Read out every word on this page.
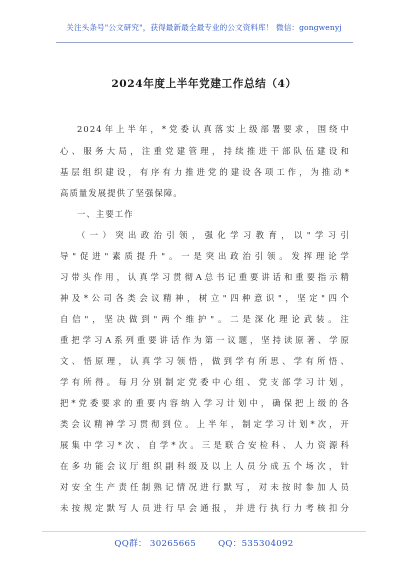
关注头条号"公文研究"，获得最新最全最专业的公文资料库！ 微信：gongwenyj
2024年度上半年党建工作总结（4）
2024年上半年，*党委认真落实上级部署要求，围绕中
心、服务大局，注重党建管理，持续推进干部队伍建设和
基层组织建设，有序有力推进党的建设各项工作，为推动*
高质量发展提供了坚强保障。
一、主要工作
（一）突出政治引领，强化学习教育，以"学习引
导"促进"素质提升"。一是突出政治引领。发挥理论学
习带头作用，认真学习贯彻A总书记重要讲话和重要指示精
神及*公司各类会议精神，树立"四种意识"，坚定"四个
自信"，坚决做到"两个维护"。二是深化理论武装。注
重把学习A系列重要讲话作为第一议题，坚持读原著、学原
文、悟原理，认真学习领悟，做到学有所思、学有所悟、
学有所得。每月分别制定党委中心组、党支部学习计划，
把*党委要求的重要内容纳入学习计划中，确保把上级的各
类会议精神学习贯彻到位。上半年，制定学习计划*次，开
展集中学习*次、自学*次。三是联合安检科、人力资源科
在多功能会议厅组织副科级及以上人员分成五个场次，针
对安全生产责任制熟记情况进行默写，对未按时参加人员
未按规定默写人员进行早会通报，并进行执行力考核扣分
QQ群： 30265665	QQ：535304092
